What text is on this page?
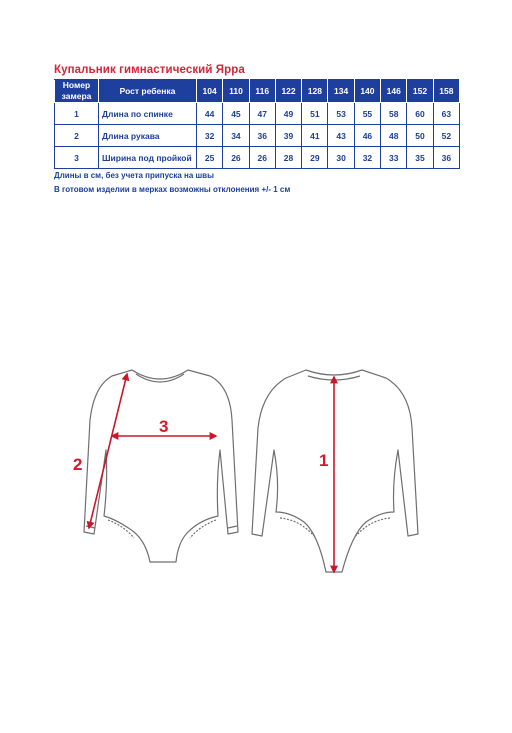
Купальник гимнастический Ярра
Номер
замера	Рост ребенка	104	110	116	122	128	134	140	146	152	158
1	Длина по спинке	44	45	47	49	51	53	55	58	60	63
2	Длина рукава	32	34	36	39	41	43	46	48	50	52
3	Ширина под пройкой	25	26	26	28	29	30	32	33	35	36
Длины в см, без учета припуска на швы
В готовом изделии в мерках возможны отклонения +/- 1 см
2
3
1
